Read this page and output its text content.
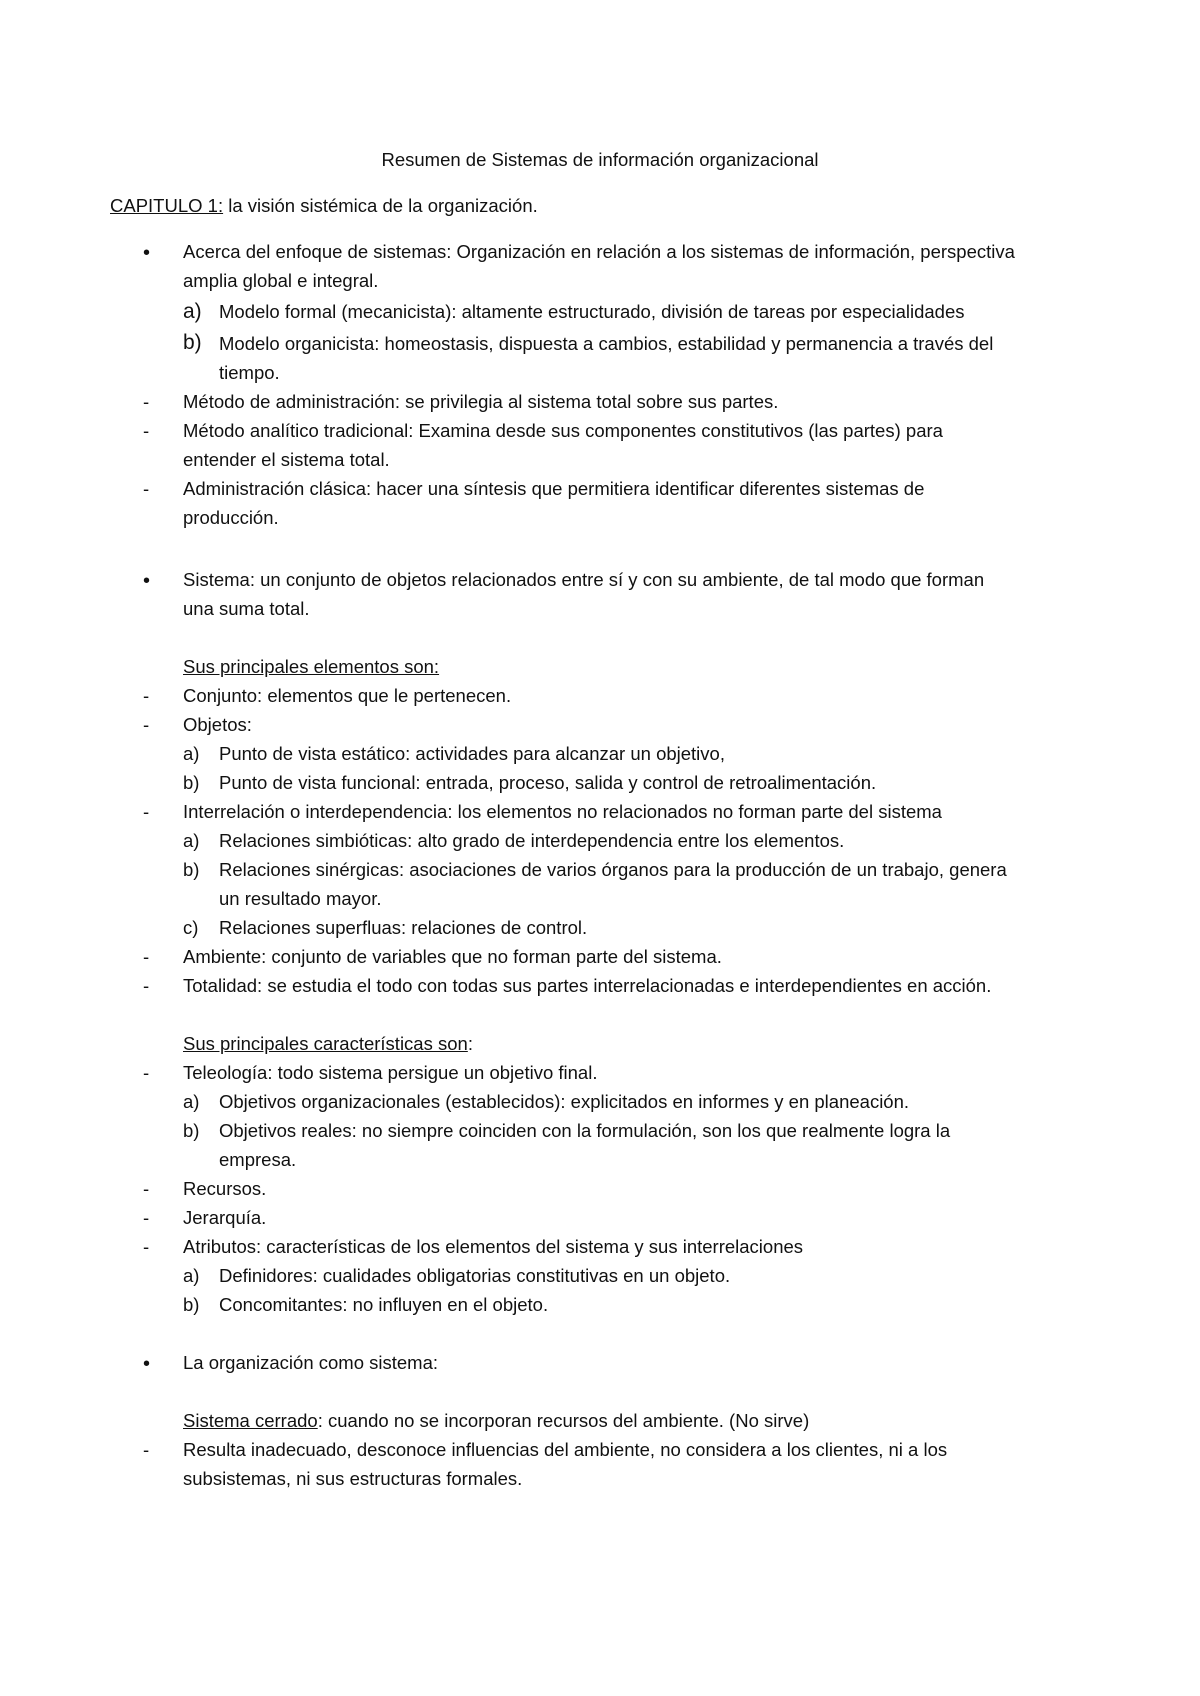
Resumen de Sistemas de información organizacional
CAPITULO 1: la visión sistémica de la organización.
• Acerca del enfoque de sistemas: Organización en relación a los sistemas de información, perspectiva
amplia global e integral.
a) Modelo formal (mecanicista): altamente estructurado, división de tareas por especialidades
b) Modelo organicista: homeostasis, dispuesta a cambios, estabilidad y permanencia a través del
tiempo.
- Método de administración: se privilegia al sistema total sobre sus partes.
- Método analítico tradicional: Examina desde sus componentes constitutivos (las partes) para
entender el sistema total.
- Administración clásica: hacer una síntesis que permitiera identificar diferentes sistemas de
producción.
• Sistema: un conjunto de objetos relacionados entre sí y con su ambiente, de tal modo que forman
una suma total.
Sus principales elementos son:
- Conjunto: elementos que le pertenecen.
- Objetos:
a) Punto de vista estático: actividades para alcanzar un objetivo,
b) Punto de vista funcional: entrada, proceso, salida y control de retroalimentación.
- Interrelación o interdependencia: los elementos no relacionados no forman parte del sistema
a) Relaciones simbióticas: alto grado de interdependencia entre los elementos.
b) Relaciones sinérgicas: asociaciones de varios órganos para la producción de un trabajo, genera
un resultado mayor.
c) Relaciones superfluas: relaciones de control.
- Ambiente: conjunto de variables que no forman parte del sistema.
- Totalidad: se estudia el todo con todas sus partes interrelacionadas e interdependientes en acción.
Sus principales características son:
- Teleología: todo sistema persigue un objetivo final.
a) Objetivos organizacionales (establecidos): explicitados en informes y en planeación.
b) Objetivos reales: no siempre coinciden con la formulación, son los que realmente logra la
empresa.
- Recursos.
- Jerarquía.
- Atributos: características de los elementos del sistema y sus interrelaciones
a) Definidores: cualidades obligatorias constitutivas en un objeto.
b) Concomitantes: no influyen en el objeto.
• La organización como sistema:
Sistema cerrado: cuando no se incorporan recursos del ambiente. (No sirve)
- Resulta inadecuado, desconoce influencias del ambiente, no considera a los clientes, ni a los
subsistemas, ni sus estructuras formales.
